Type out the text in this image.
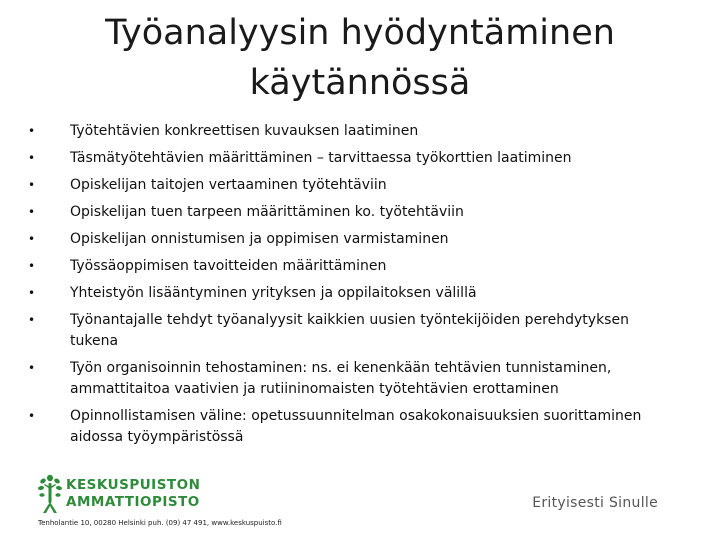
Työanalyysin hyödyntäminen käytännössä
•	Työtehtävien konkreettisen kuvauksen laatiminen
•	Täsmätyötehtävien määrittäminen – tarvittaessa työkorttien laatiminen
•	Opiskelijan taitojen vertaaminen työtehtäviin
•	Opiskelijan tuen tarpeen määrittäminen ko. työtehtäviin
•	Opiskelijan onnistumisen ja oppimisen varmistaminen
•	Työssäoppimisen tavoitteiden määrittäminen
•	Yhteistyön lisääntyminen yrityksen ja oppilaitoksen välillä
•	Työnantajalle tehdyt työanalyysit kaikkien uusien työntekijöiden perehdytyksen tukena
•	Työn organisoinnin tehostaminen: ns. ei kenenkään tehtävien tunnistaminen, ammattitaitoa vaativien ja rutiininomaisten työtehtävien erottaminen
•	Opinnollistamisen väline: opetussuunnitelman osakokonaisuuksien suorittaminen aidossa työympäristössä
KESKUSPUISTON
AMMATTIOPISTO
Tenholantie 10, 00280 Helsinki puh. (09) 47 491, www.keskuspuisto.fi
Erityisesti Sinulle
